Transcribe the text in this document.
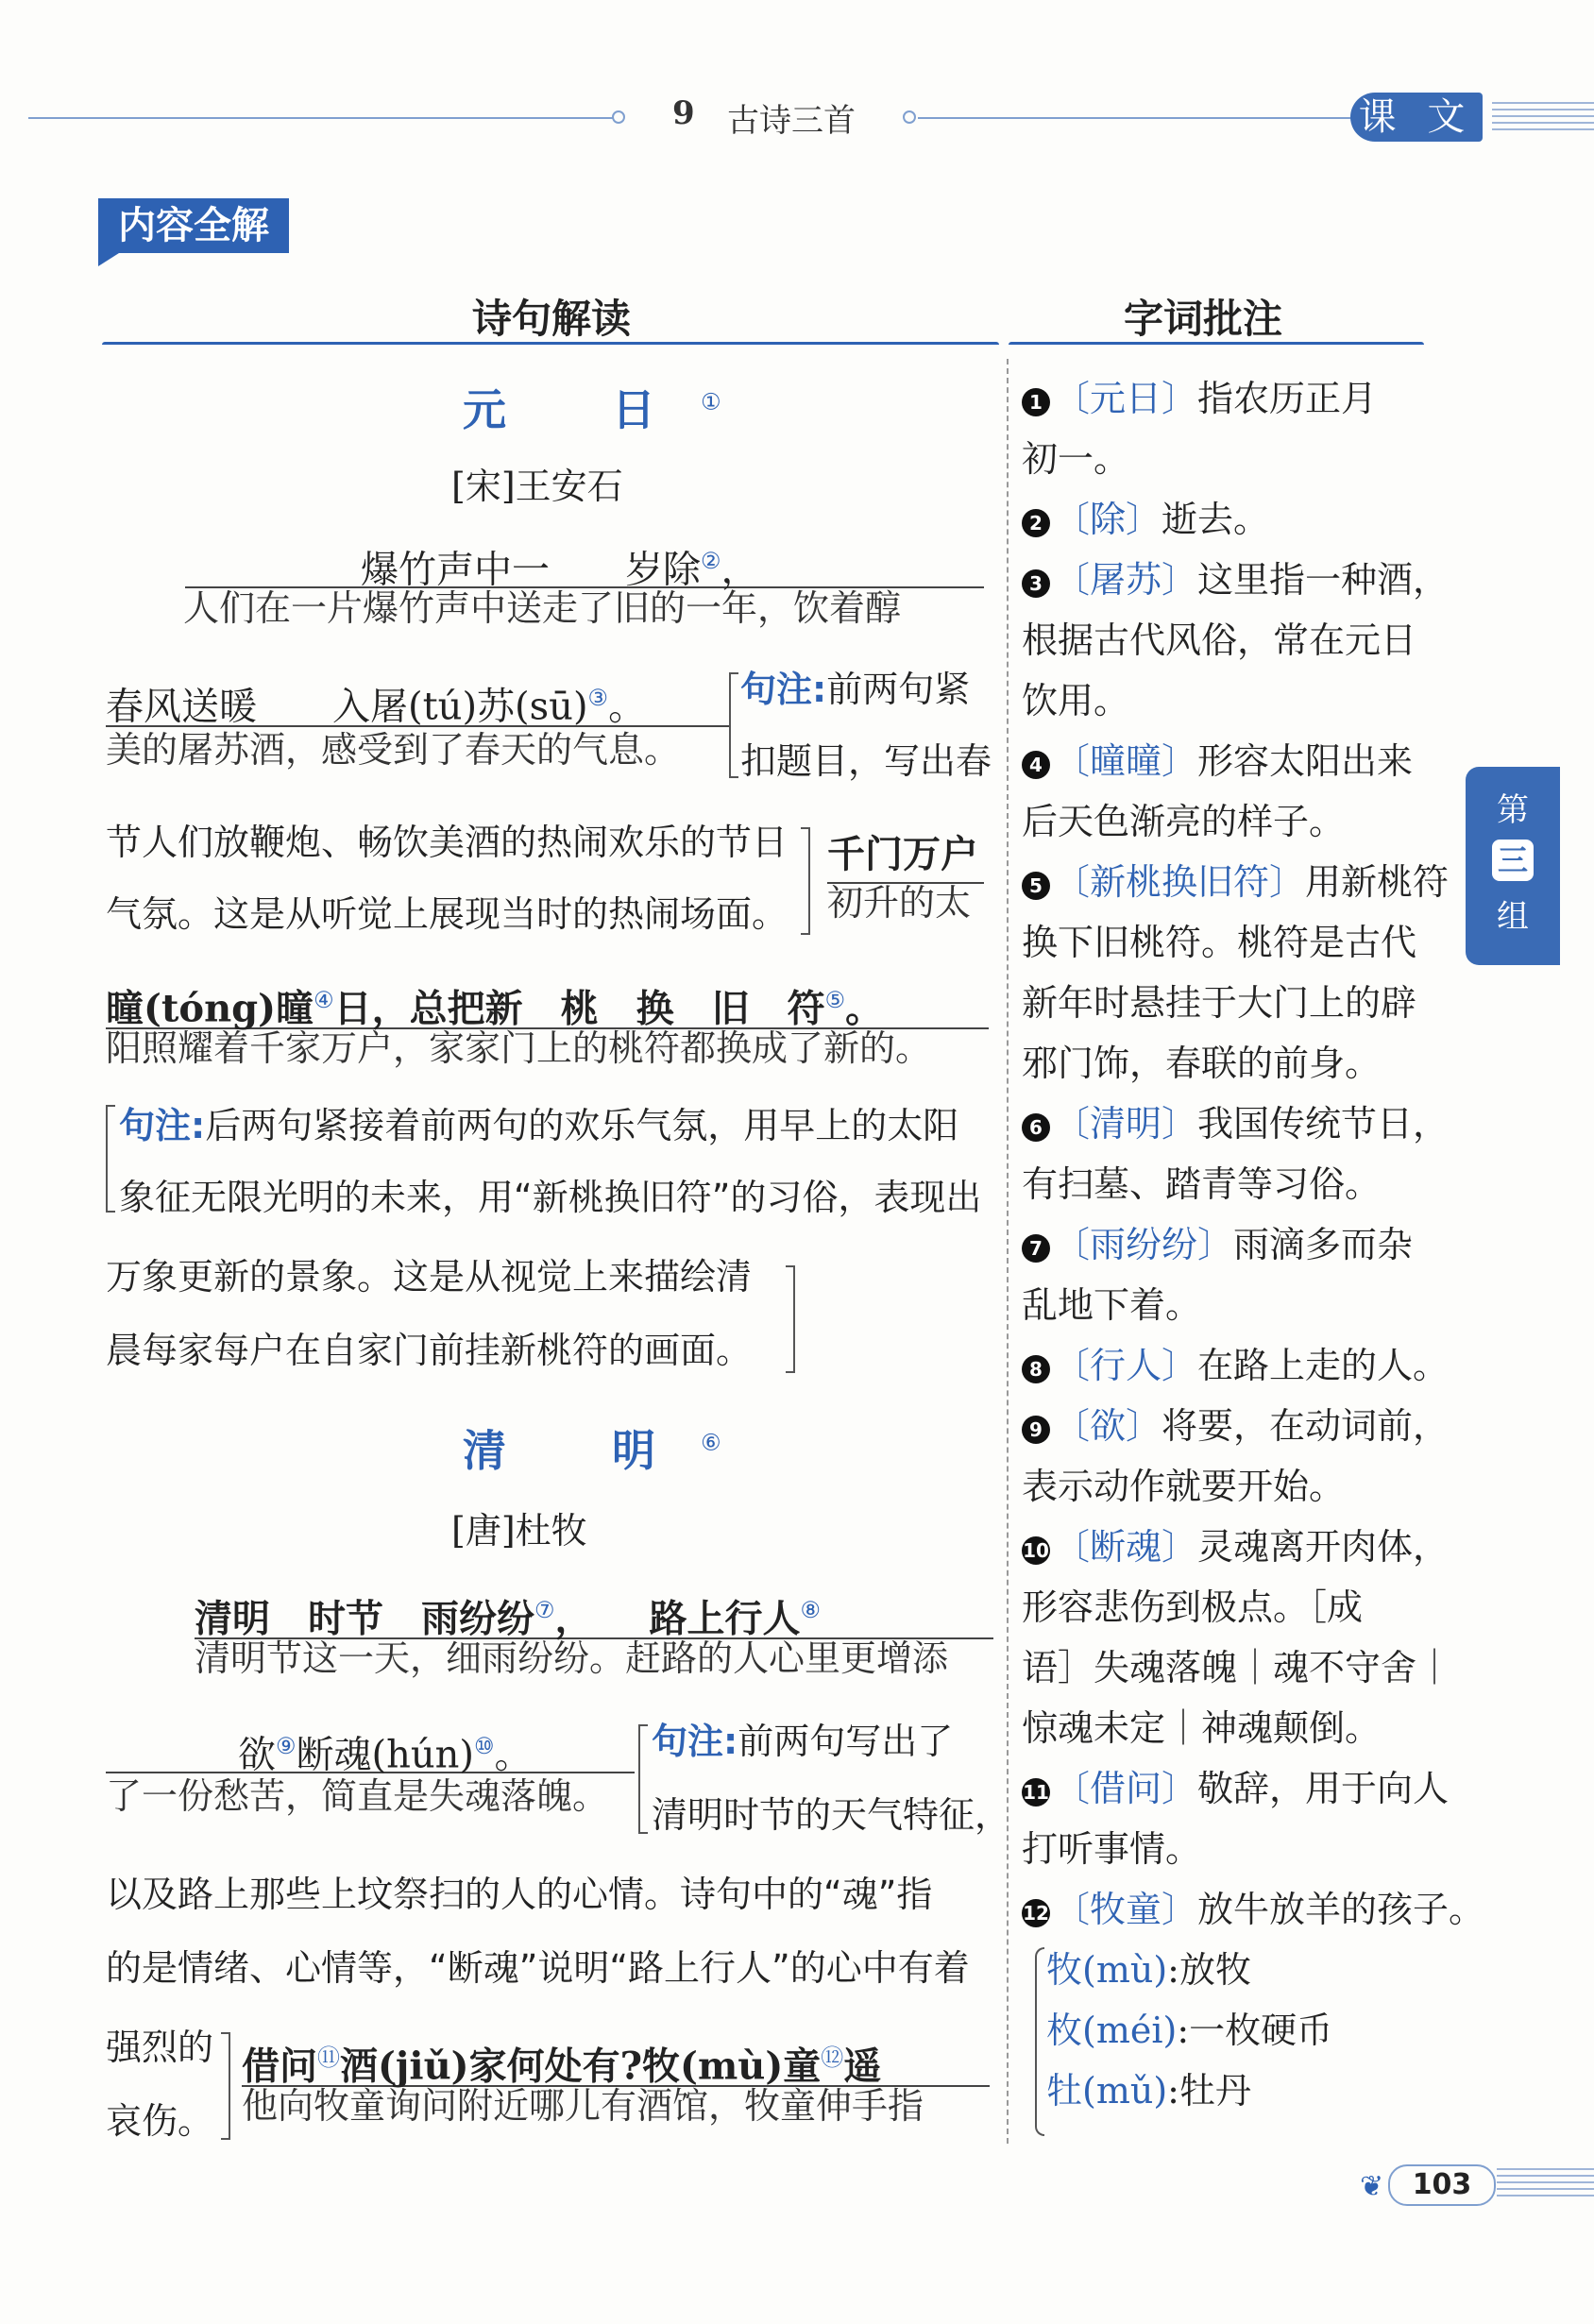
9 古诗三首	课 文
内容全解
诗句解读	字词批注
元 日①
[宋]王安石
爆竹声中一　　岁除②，
人们在一片爆竹声中送走了旧的一年，饮着醇
春风送暖　　入屠(tú)苏(sū)③。
美的屠苏酒，感受到了春天的气息。
句注:前两句紧
扣题目，写出春
节人们放鞭炮、畅饮美酒的热闹欢乐的节日
气氛。这是从听觉上展现当时的热闹场面。
千门万户
初升的太
曈(tóng)曈④日，总把新　桃　换　旧　符⑤。
阳照耀着千家万户，家家门上的桃符都换成了新的。
句注:后两句紧接着前两句的欢乐气氛，用早上的太阳
象征无限光明的未来，用“新桃换旧符”的习俗，表现出
万象更新的景象。这是从视觉上来描绘清
晨每家每户在自家门前挂新桃符的画面。
清 明⑥
[唐]杜牧
清明　时节　雨纷纷⑦，　　路上行人⑧
清明节这一天，细雨纷纷。赶路的人心里更增添
欲⑨断魂(hún)⑩。
了一份愁苦，简直是失魂落魄。
句注:前两句写出了
清明时节的天气特征，
以及路上那些上坟祭扫的人的心情。诗句中的“魂”指
的是情绪、心情等，“断魂”说明“路上行人”的心中有着
强烈的
哀伤。
借问⑪酒(jiǔ)家何处有?牧(mù)童⑫遥
他向牧童询问附近哪儿有酒馆，牧童伸手指
1 〔元日〕指农历正月
初一。
2 〔除〕逝去。
3 〔屠苏〕这里指一种酒，
根据古代风俗，常在元日
饮用。
4 〔曈曈〕形容太阳出来
后天色渐亮的样子。
5 〔新桃换旧符〕用新桃符
换下旧桃符。桃符是古代
新年时悬挂于大门上的辟
邪门饰，春联的前身。
6 〔清明〕我国传统节日，
有扫墓、踏青等习俗。
7 〔雨纷纷〕雨滴多而杂
乱地下着。
8 〔行人〕在路上走的人。
9 〔欲〕将要，在动词前，
表示动作就要开始。
10 〔断魂〕灵魂离开肉体，
形容悲伤到极点。［成
语］失魂落魄｜魂不守舍｜
惊魂未定｜神魂颠倒。
11 〔借问〕敬辞，用于向人
打听事情。
12 〔牧童〕放牛放羊的孩子。
牧(mù):放牧
枚(méi):一枚硬币
牡(mǔ):牡丹
第
三
组
❦	103
